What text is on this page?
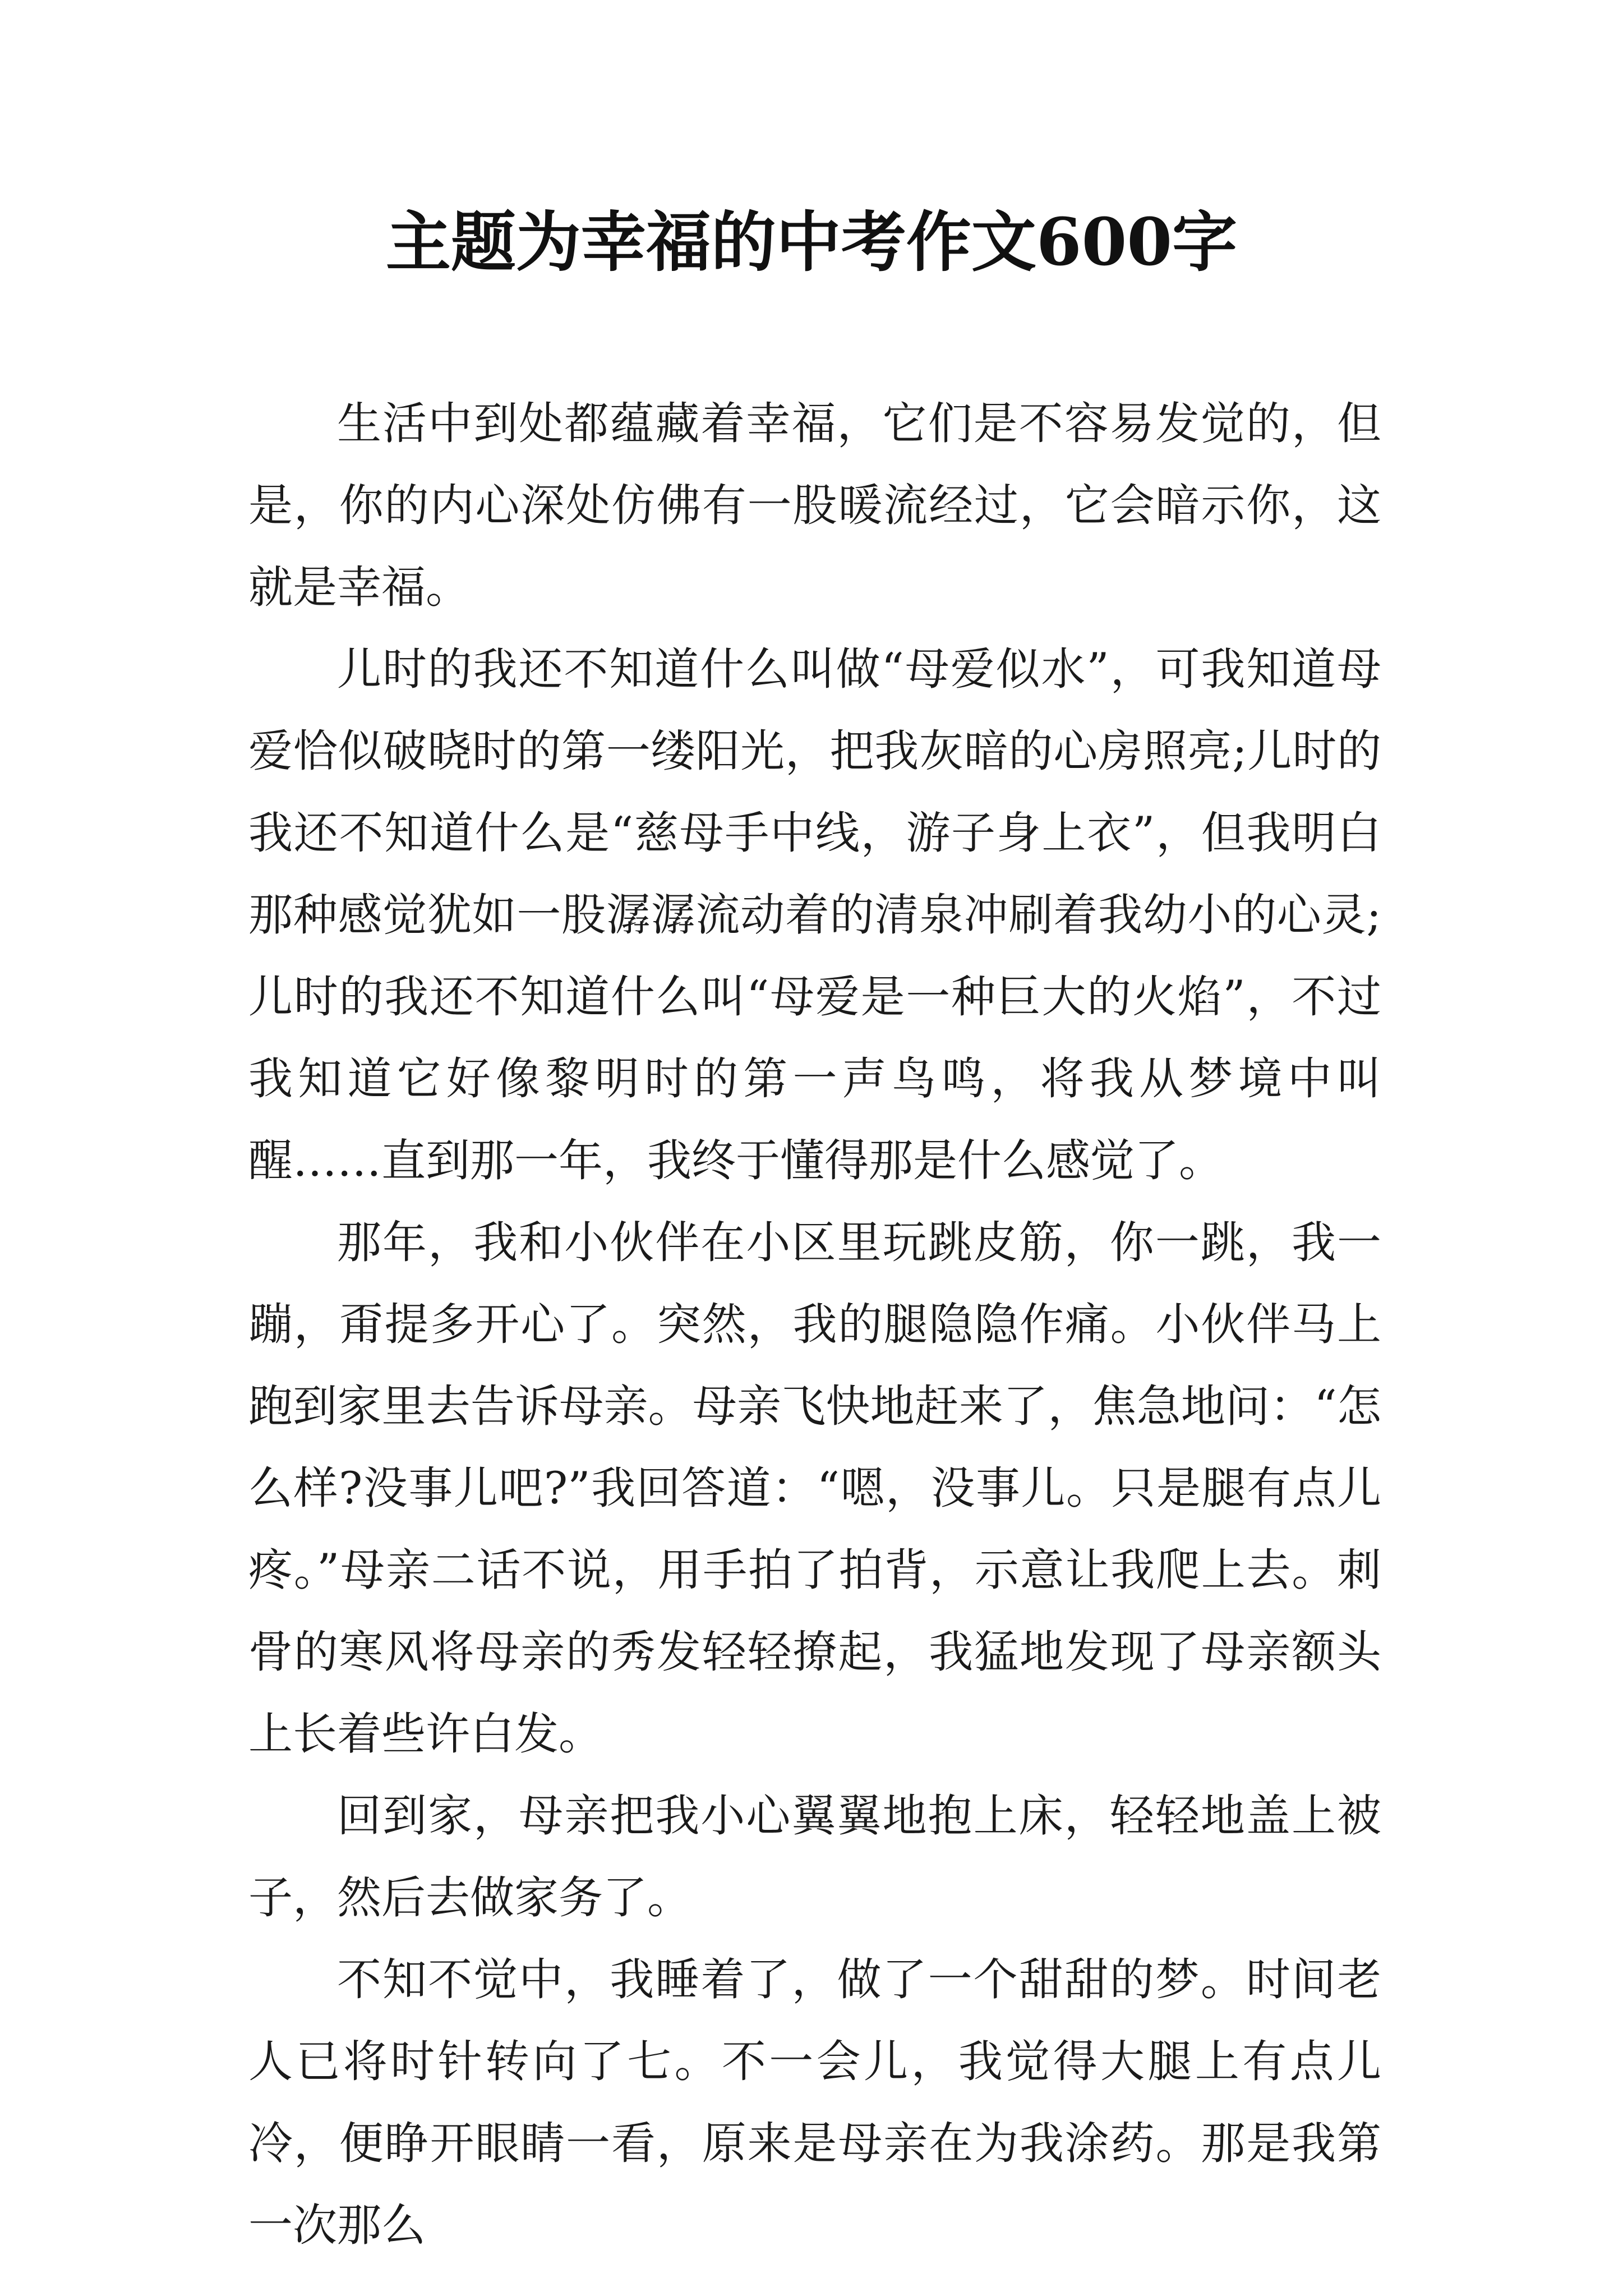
主题为幸福的中考作文600字

生活中到处都蕴藏着幸福，它们是不容易发觉的，但是，你的内心深处仿佛有一股暖流经过，它会暗示你，这就是幸福。

儿时的我还不知道什么叫做“母爱似水”，可我知道母爱恰似破晓时的第一缕阳光，把我灰暗的心房照亮;儿时的我还不知道什么是“慈母手中线，游子身上衣”，但我明白那种感觉犹如一股潺潺流动着的清泉冲刷着我幼小的心灵;儿时的我还不知道什么叫“母爱是一种巨大的火焰”，不过我知道它好像黎明时的第一声鸟鸣，将我从梦境中叫醒……直到那一年，我终于懂得那是什么感觉了。

那年，我和小伙伴在小区里玩跳皮筋，你一跳，我一蹦，甭提多开心了。突然，我的腿隐隐作痛。小伙伴马上跑到家里去告诉母亲。母亲飞快地赶来了，焦急地问：“怎么样?没事儿吧?”我回答道：“嗯，没事儿。只是腿有点儿疼。”母亲二话不说，用手拍了拍背，示意让我爬上去。刺骨的寒风将母亲的秀发轻轻撩起，我猛地发现了母亲额头上长着些许白发。

回到家，母亲把我小心翼翼地抱上床，轻轻地盖上被子，然后去做家务了。

不知不觉中，我睡着了，做了一个甜甜的梦。时间老人已将时针转向了七。不一会儿，我觉得大腿上有点儿冷，便睁开眼睛一看，原来是母亲在为我涂药。那是我第一次那么
